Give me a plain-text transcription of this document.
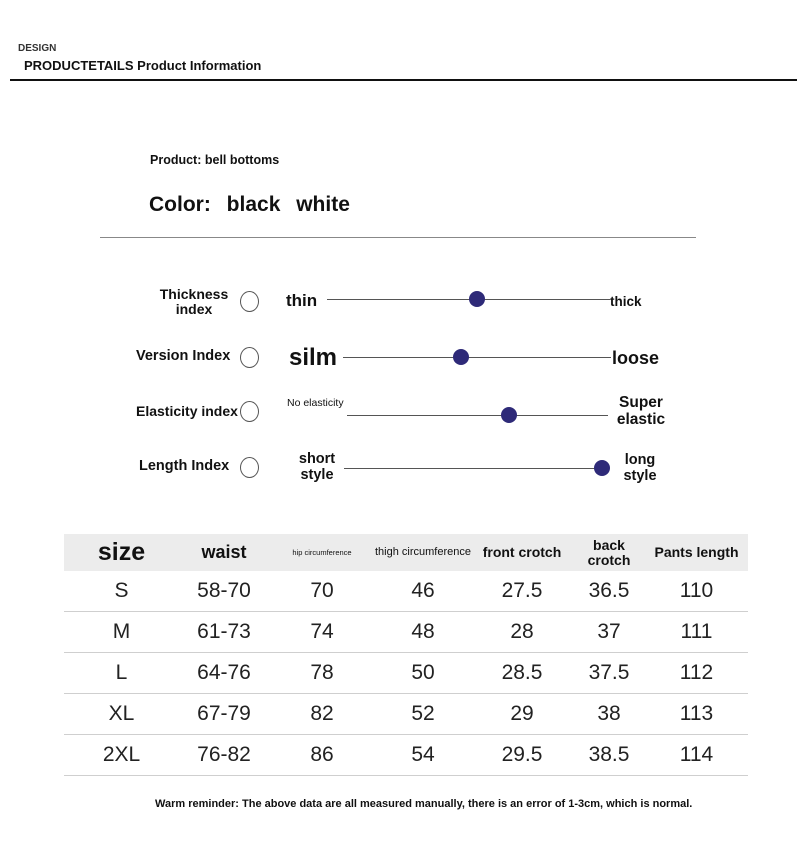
DESIGN
PRODUCTETAILS Product Information
Product: bell bottoms
Color: black white
Thickness index	thin	thick
Version Index	silm	loose
Elasticity index	No elasticity	Super elastic
Length Index	short style
long style
size	waist	hip circumference	thigh circumference	front crotch	back crotch	Pants length
S	58-70	70	46	27.5	36.5	110
M	61-73	74	48	28	37	111
L	64-76	78	50	28.5	37.5	112
XL	67-79	82	52	29	38	113
2XL	76-82	86	54	29.5	38.5	114
Warm reminder: The above data are all measured manually, there is an error of 1-3cm, which is normal.
